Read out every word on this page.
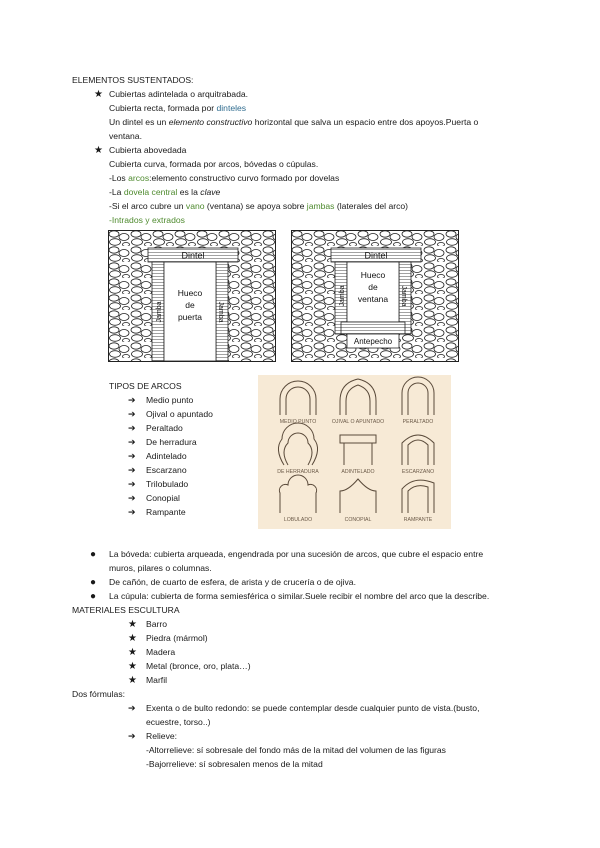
ELEMENTOS SUSTENTADOS:
★ Cubiertas adintelada o arquitrabada.
Cubierta recta, formada por dinteles
Un dintel es un elemento constructivo horizontal que salva un espacio entre dos apoyos.Puerta o
ventana.
★ Cubierta abovedada
Cubierta curva, formada por arcos, bóvedas o cúpulas.
-Los arcos:elemento constructivo curvo formado por dovelas
-La dovela central es la clave
-Si el arco cubre un vano (ventana) se apoya sobre jambas (laterales del arco)
-Intrados y extrados
Dintel
Hueco
de
puerta
Jamba	Jamba
Dintel
Hueco
de
ventana
Antepecho
Jamba	Jamba
TIPOS DE ARCOS
➔ Medio punto
➔ Ojival o apuntado
➔ Peraltado
➔ De herradura
➔ Adintelado
➔ Escarzano
➔ Trilobulado
➔ Conopial
➔ Rampante
MEDIO PUNTO	OJIVAL O APUNTADO	PERALTADO
DE HERRADURA	ADINTELADO	ESCARZANO
LOBULADO	CONOPIAL	RAMPANTE
● La bóveda: cubierta arqueada, engendrada por una sucesión de arcos, que cubre el espacio entre
muros, pilares o columnas.
● De cañón, de cuarto de esfera, de arista y de crucería o de ojiva.
● La cúpula: cubierta de forma semiesférica o similar.Suele recibir el nombre del arco que la describe.
MATERIALES ESCULTURA
★ Barro
★ Piedra (mármol)
★ Madera
★ Metal (bronce, oro, plata…)
★ Marfil
Dos fórmulas:
➔ Exenta o de bulto redondo: se puede contemplar desde cualquier punto de vista.(busto,
ecuestre, torso..)
➔ Relieve:
-Altorrelieve: sí sobresale del fondo más de la mitad del volumen de las figuras
-Bajorrelieve: sí sobresalen menos de la mitad
